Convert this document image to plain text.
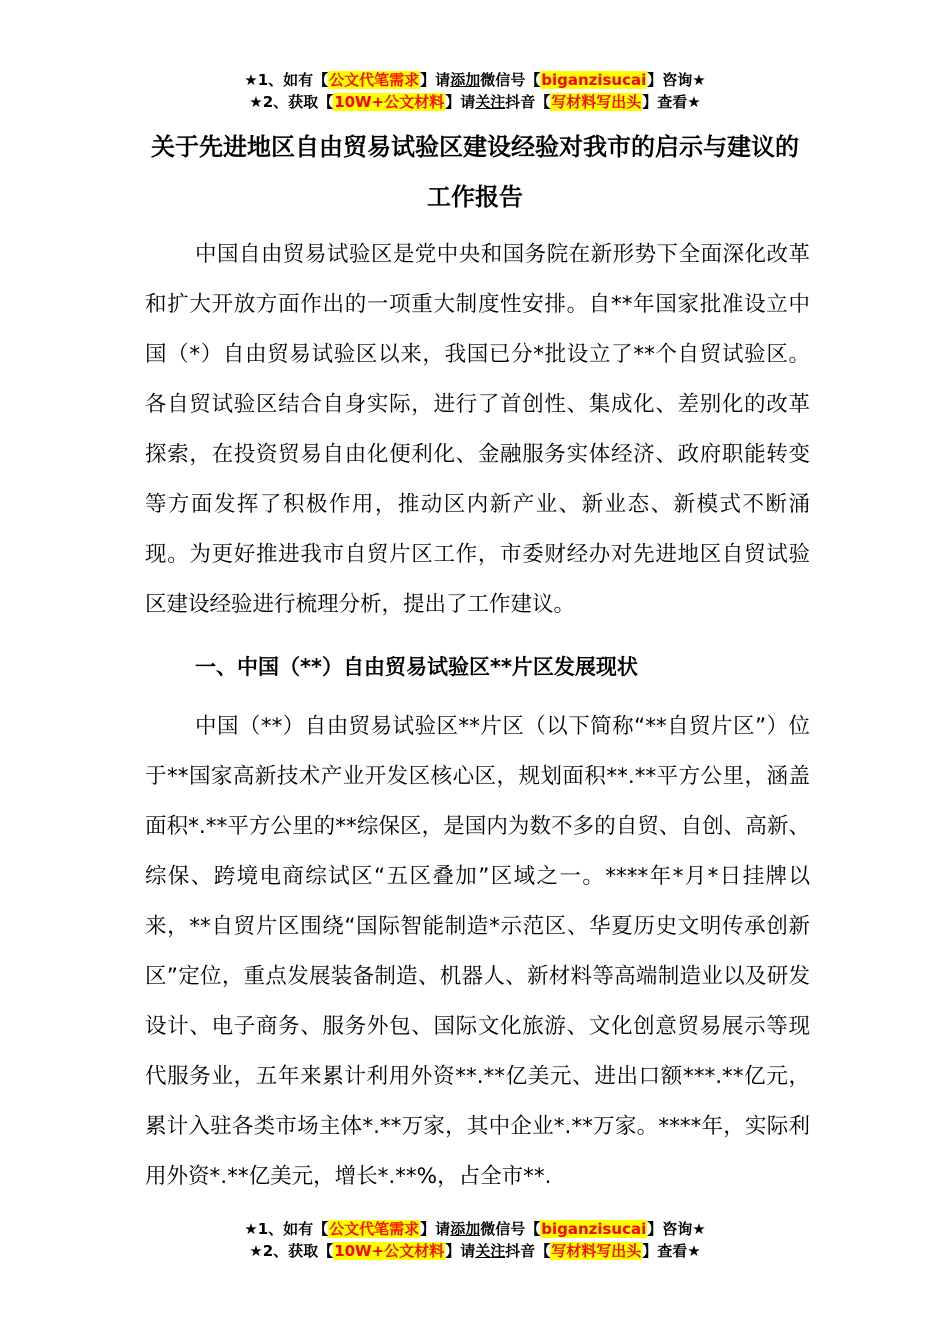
★1、如有【公文代笔需求】请添加微信号【biganzisucai】咨询★
★2、获取【10W+公文材料】请关注抖音【写材料写出头】查看★
关于先进地区自由贸易试验区建设经验对我市的启示与建议的工作报告
中国自由贸易试验区是党中央和国务院在新形势下全面深化改革和扩大开放方面作出的一项重大制度性安排。自**年国家批准设立中国（*）自由贸易试验区以来，我国已分*批设立了**个自贸试验区。各自贸试验区结合自身实际，进行了首创性、集成化、差别化的改革探索，在投资贸易自由化便利化、金融服务实体经济、政府职能转变等方面发挥了积极作用，推动区内新产业、新业态、新模式不断涌现。为更好推进我市自贸片区工作，市委财经办对先进地区自贸试验区建设经验进行梳理分析，提出了工作建议。
一、中国（**）自由贸易试验区**片区发展现状
中国（**）自由贸易试验区**片区（以下简称“**自贸片区”）位于**国家高新技术产业开发区核心区，规划面积**.**平方公里，涵盖面积*.**平方公里的**综保区，是国内为数不多的自贸、自创、高新、综保、跨境电商综试区“五区叠加”区域之一。****年*月*日挂牌以来，**自贸片区围绕“国际智能制造*示范区、华夏历史文明传承创新区”定位，重点发展装备制造、机器人、新材料等高端制造业以及研发设计、电子商务、服务外包、国际文化旅游、文化创意贸易展示等现代服务业，五年来累计利用外资**.**亿美元、进出口额***.**亿元，累计入驻各类市场主体*.**万家，其中企业*.**万家。****年，实际利用外资*.**亿美元，增长*.**%，占全市**.
★1、如有【公文代笔需求】请添加微信号【biganzisucai】咨询★
★2、获取【10W+公文材料】请关注抖音【写材料写出头】查看★
